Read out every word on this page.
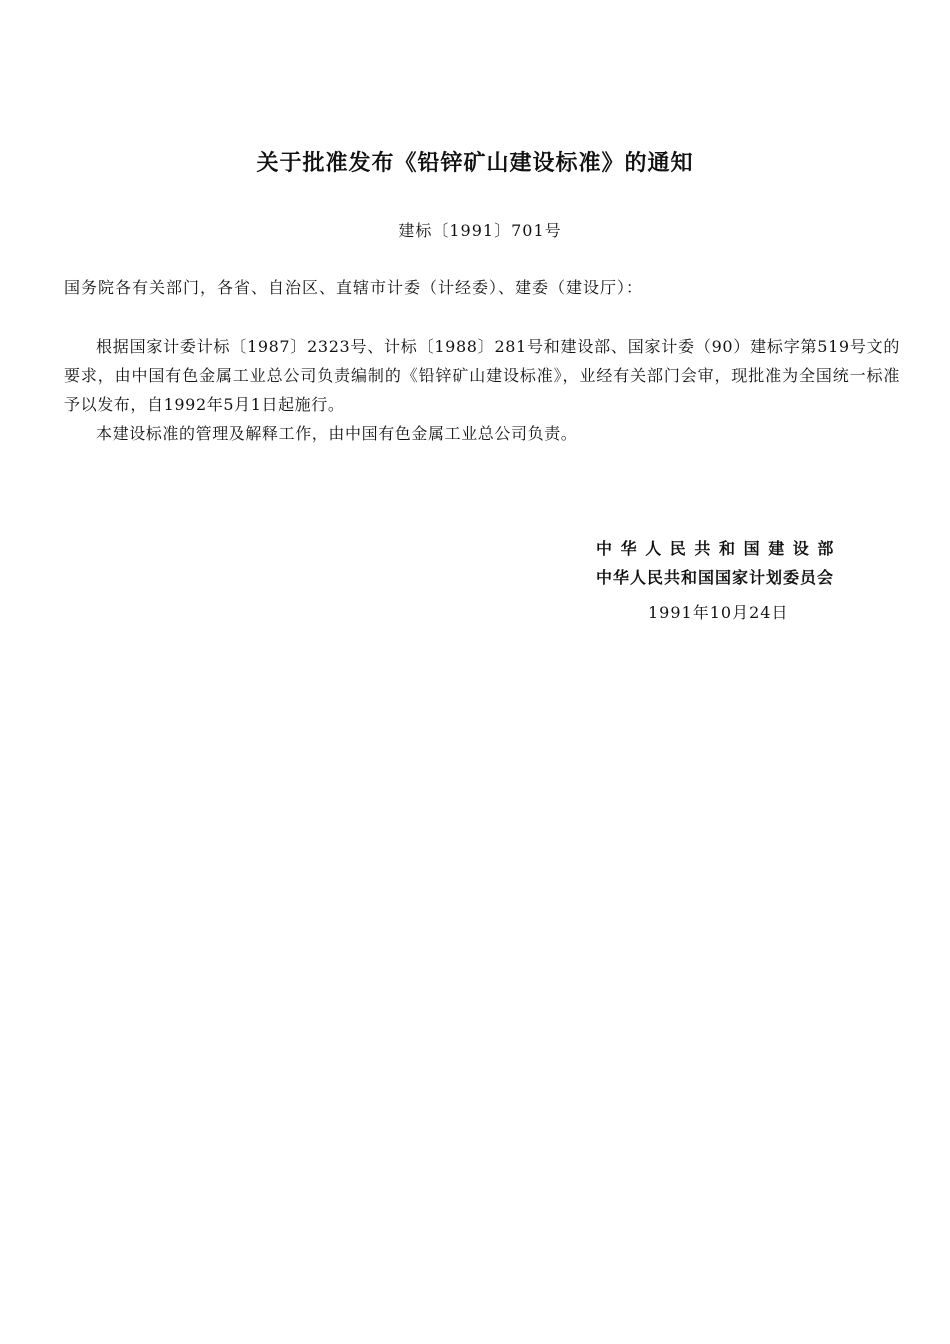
关于批准发布《铅锌矿山建设标准》的通知
建标〔1991〕701号
国务院各有关部门，各省、自治区、直辖市计委（计经委）、建委（建设厅）：

根据国家计委计标〔1987〕2323号、计标〔1988〕281号和建设部、国家计委（90）建标字第519号文的要求，由中国有色金属工业总公司负责编制的《铅锌矿山建设标准》，业经有关部门会审，现批准为全国统一标准予以发布，自1992年5月1日起施行。

本建设标准的管理及解释工作，由中国有色金属工业总公司负责。

中华人民共和国建设部
中华人民共和国国家计划委员会
1991年10月24日
